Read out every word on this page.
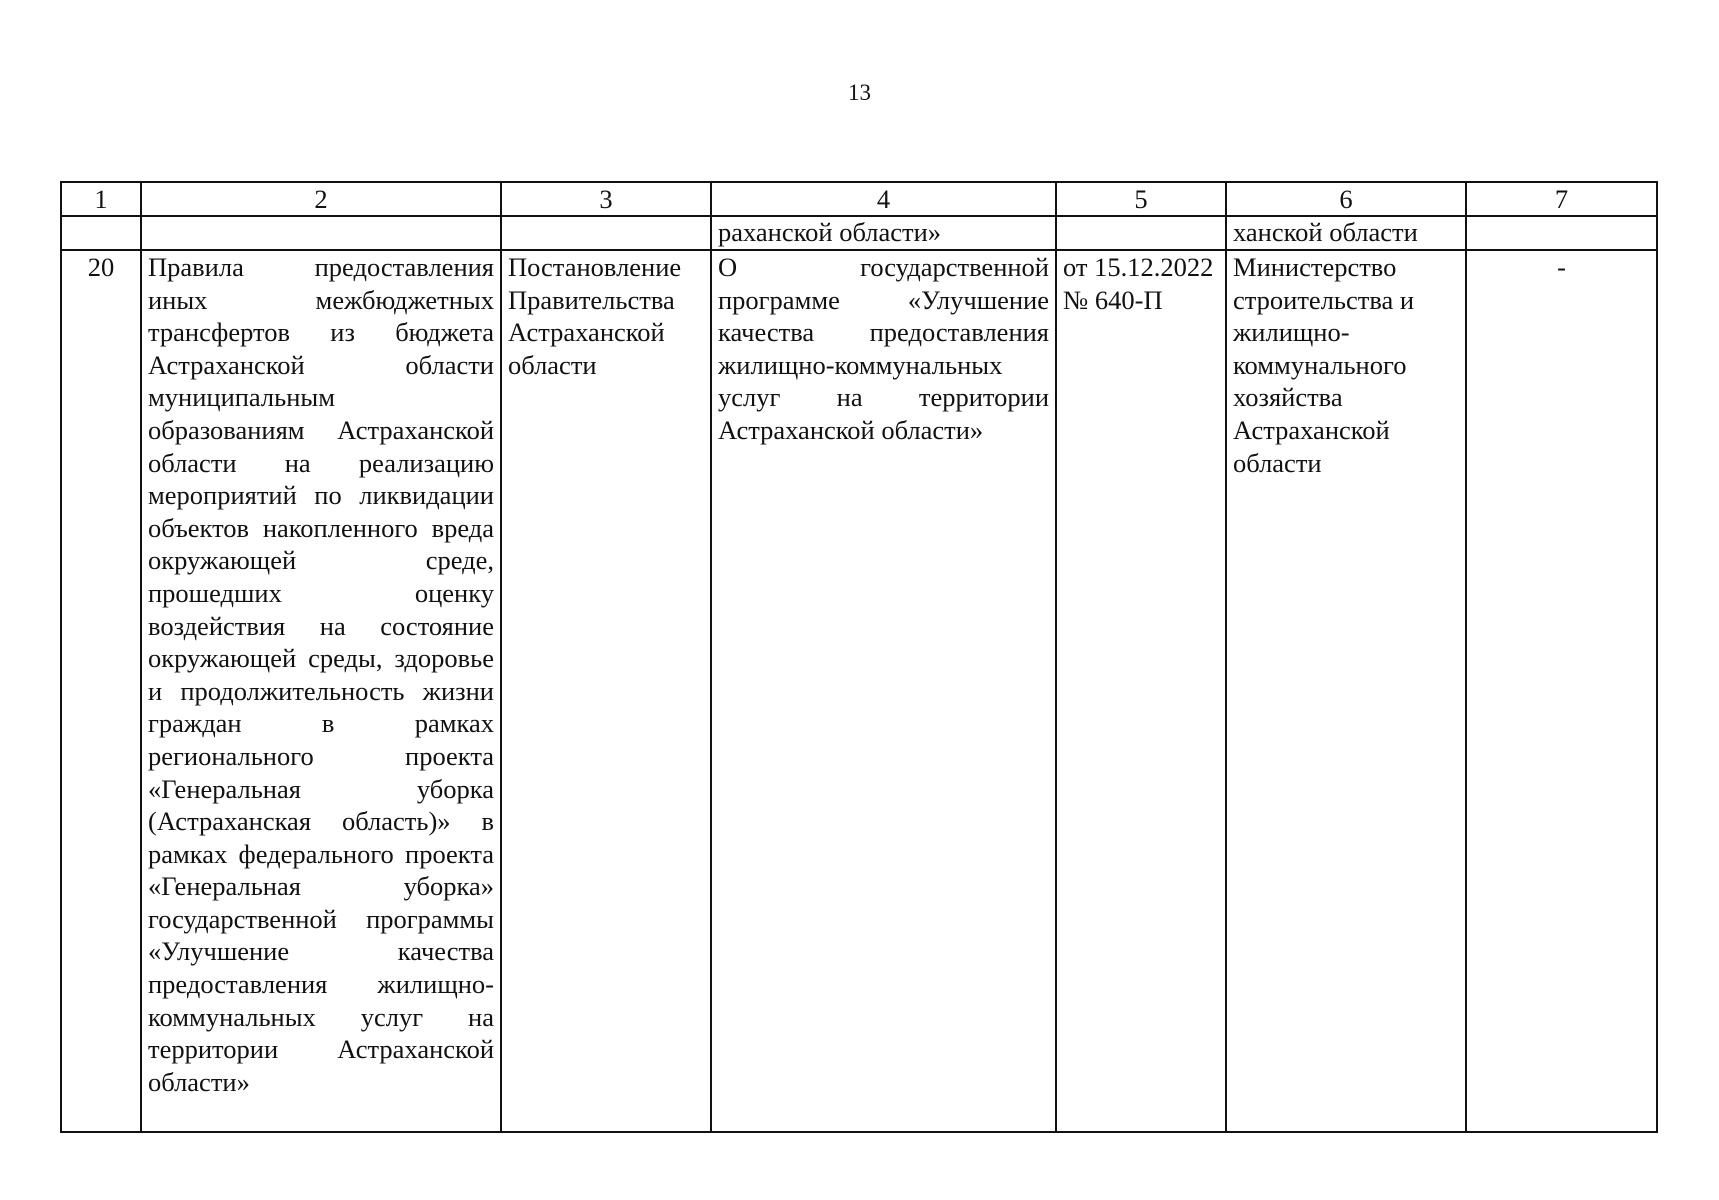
13
1	2	3	4	5	6	7
			раханской области»		ханской области	
20	Правила предоставления иных межбюджетных трансфертов из бюджета Астраханской области муниципальным образованиям Астраханской области на реализацию мероприятий по ликвидации объектов накопленного вреда окружающей среде, прошедших оценку воздействия на состояние окружающей среды, здоровье и продолжительность жизни граждан в рамках регионального проекта «Генеральная уборка (Астраханская область)» в рамках федерального проекта «Генеральная уборка» государственной программы «Улучшение качества предоставления жилищно-коммунальных услуг на территории Астраханской области»	Постановление Правительства Астраханской области	О государственной программе «Улучшение качества предоставления жилищно-коммунальных услуг на территории Астраханской области»	от 15.12.2022 № 640-П	Министерство строительства и жилищно-коммунального хозяйства Астраханской области	-
